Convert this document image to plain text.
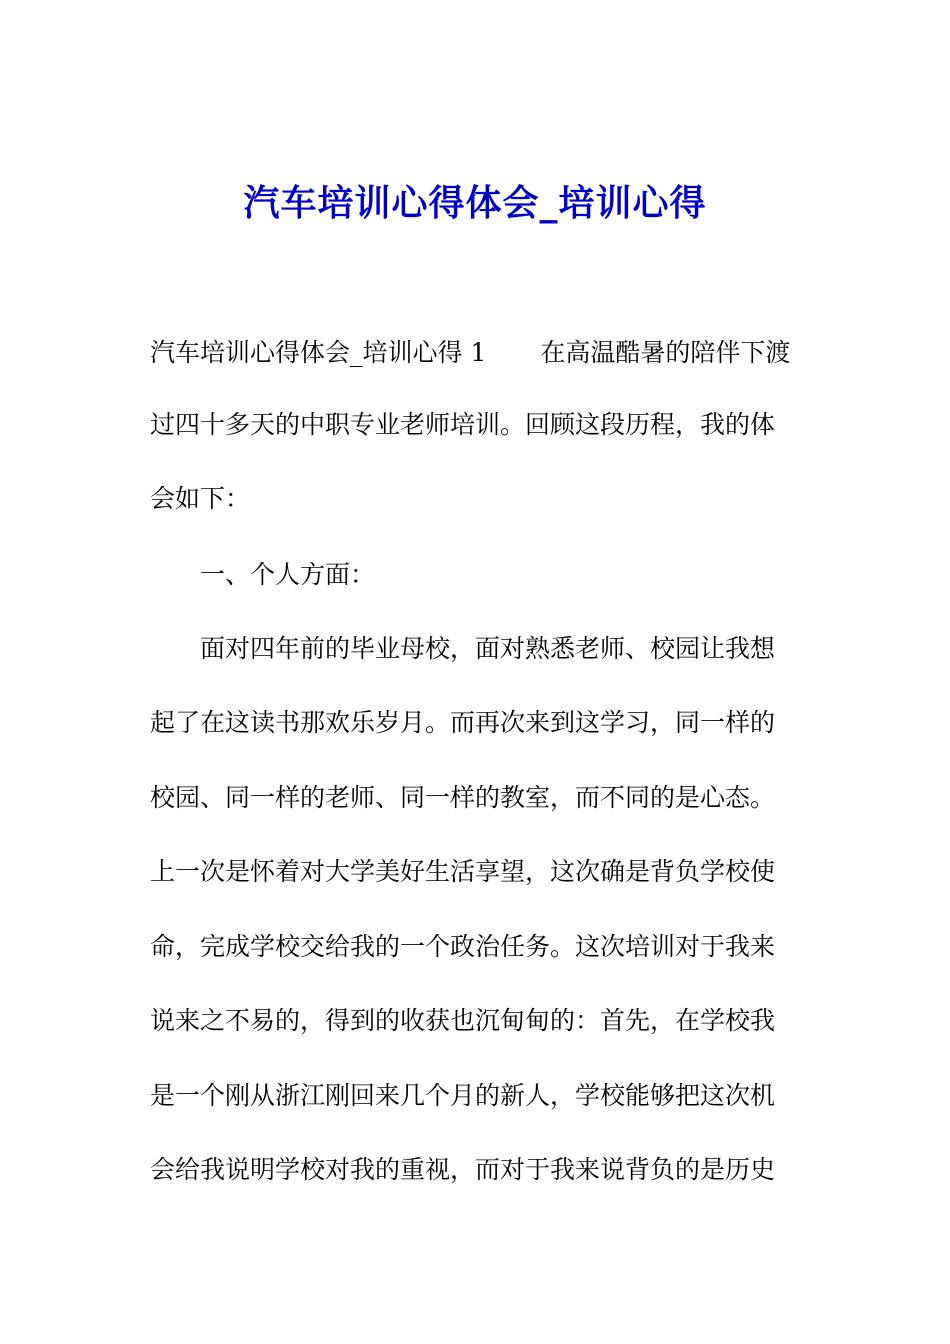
汽车培训心得体会_培训心得
汽车培训心得体会_培训心得 1 在高温酷暑的陪伴下渡
过四十多天的中职专业老师培训。回顾这段历程，我的体
会如下：
　　一、个人方面：
　　面对四年前的毕业母校，面对熟悉老师、校园让我想
起了在这读书那欢乐岁月。而再次来到这学习，同一样的
校园、同一样的老师、同一样的教室，而不同的是心态。
上一次是怀着对大学美好生活享望，这次确是背负学校使
命，完成学校交给我的一个政治任务。这次培训对于我来
说来之不易的，得到的收获也沉甸甸的：首先，在学校我
是一个刚从浙江刚回来几个月的新人，学校能够把这次机
会给我说明学校对我的重视，而对于我来说背负的是历史
